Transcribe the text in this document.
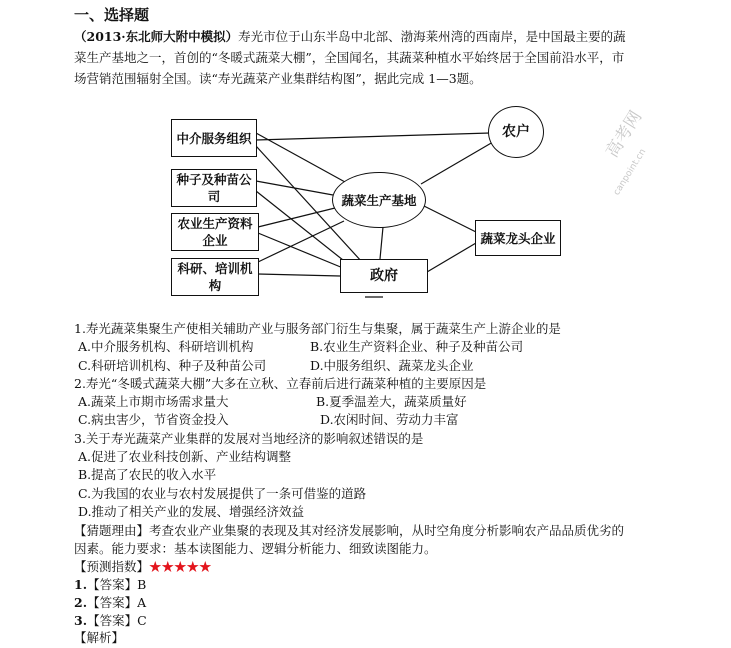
一、选择题
（2013·东北师大附中模拟）寿光市位于山东半岛中北部、渤海莱州湾的西南岸，是中国最主要的蔬
菜生产基地之一，首创的“冬暖式蔬菜大棚”，全国闻名，其蔬菜种植水平始终居于全国前沿水平，市
场营销范围辐射全国。读“寿光蔬菜产业集群结构图”，据此完成 1—3题。
中介服务组织
种子及种苗公司
农业生产资料企业
科研、培训机构
蔬菜生产基地
农户
蔬菜龙头企业
政府
高考网
canpoint.cn
1.寿光蔬菜集聚生产使相关辅助产业与服务部门衍生与集聚，属于蔬菜生产上游企业的是
A.中介服务机构、科研培训机构	B.农业生产资料企业、种子及种苗公司
C.科研培训机构、种子及种苗公司	D.中服务组织、蔬菜龙头企业
2.寿光“冬暖式蔬菜大棚”大多在立秋、立春前后进行蔬菜种植的主要原因是
A.蔬菜上市期市场需求量大	B.夏季温差大，蔬菜质量好
C.病虫害少，节省资金投入	D.农闲时间、劳动力丰富
3.关于寿光蔬菜产业集群的发展对当地经济的影响叙述错误的是
A.促进了农业科技创新、产业结构调整
B.提高了农民的收入水平
C.为我国的农业与农村发展提供了一条可借鉴的道路
D.推动了相关产业的发展、增强经济效益
【猜题理由】考查农业产业集聚的表现及其对经济发展影响，从时空角度分析影响农产品品质优劣的
因素。能力要求：基本读图能力、逻辑分析能力、细致读图能力。
【预测指数】★★★★★
1.【答案】B
2.【答案】A
3.【答案】C
【解析】
